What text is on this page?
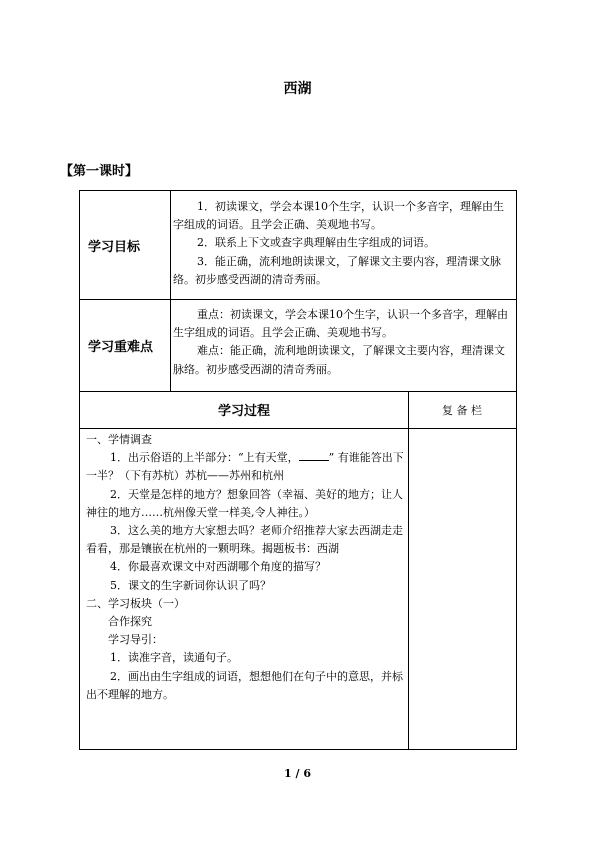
西湖
【第一课时】
学习目标

1．初读课文，学会本课10个生字，认识一个多音字，理解由生字组成的词语。且学会正确、美观地书写。

2．联系上下文或查字典理解由生字组成的词语。

3．能正确，流利地朗读课文，了解课文主要内容，理清课文脉络。初步感受西湖的清奇秀丽。

学习重难点

重点：初读课文，学会本课10个生字，认识一个多音字，理解由生字组成的词语。且学会正确、美观地书写。

难点：能正确，流利地朗读课文，了解课文主要内容，理清课文脉络。初步感受西湖的清奇秀丽。

学习过程	复 备 栏

一、学情调查

1．出示俗语的上半部分：“上有天堂，	” 有谁能答出下一半？（下有苏杭）苏杭——苏州和杭州

2．天堂是怎样的地方？想象回答（幸福、美好的地方；让人神往的地方……杭州像天堂一样美,令人神往。）

3．这么美的地方大家想去吗？老师介绍推荐大家去西湖走走看看，那是镶嵌在杭州的一颗明珠。揭题板书：西湖

4．你最喜欢课文中对西湖哪个角度的描写？

5．课文的生字新词你认识了吗？

二、学习板块（一）

合作探究

学习导引：

1．读准字音，读通句子。

2．画出由生字组成的词语，想想他们在句子中的意思，并标出不理解的地方。

1 / 6
